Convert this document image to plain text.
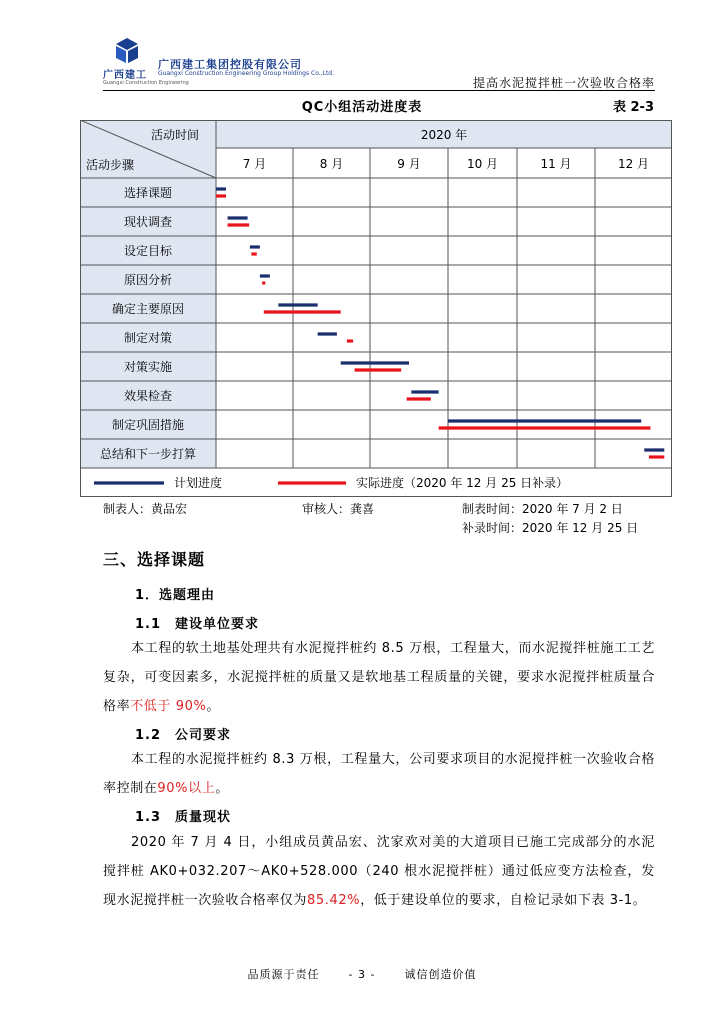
广西建工
Guangxi Construction Engineering
广西建工集团控股有限公司
Guangxi Construction Engineering Group Holdings Co.,Ltd.
提高水泥搅拌桩一次验收合格率
QC小组活动进度表	表 2-3
活动时间
活动步骤
2020 年
7 月	8 月	9 月	10 月	11 月	12 月
选择课题
现状调查
设定目标
原因分析
确定主要原因
制定对策
对策实施
效果检查
制定巩固措施
总结和下一步打算
计划进度	实际进度（2020 年 12 月 25 日补录）
制表人：黄品宏	审核人：龚喜	制表时间：2020 年 7 月 2 日
补录时间：2020 年 12 月 25 日
三、选择课题
1．选题理由
1.1　建设单位要求
本工程的软土地基处理共有水泥搅拌桩约 8.5 万根，工程量大，而水泥搅拌桩施工工艺复杂，可变因素多，水泥搅拌桩的质量又是软地基工程质量的关键，要求水泥搅拌桩质量合格率不低于 90%。
1.2　公司要求
本工程的水泥搅拌桩约 8.3 万根，工程量大，公司要求项目的水泥搅拌桩一次验收合格率控制在90%以上。
1.3　质量现状
2020 年 7 月 4 日，小组成员黄品宏、沈家欢对美的大道项目已施工完成部分的水泥搅拌桩 AK0+032.207～AK0+528.000（240 根水泥搅拌桩）通过低应变方法检查，发现水泥搅拌桩一次验收合格率仅为85.42%，低于建设单位的要求，自检记录如下表 3-1。
品质源于责任	- 3 -	诚信创造价值
